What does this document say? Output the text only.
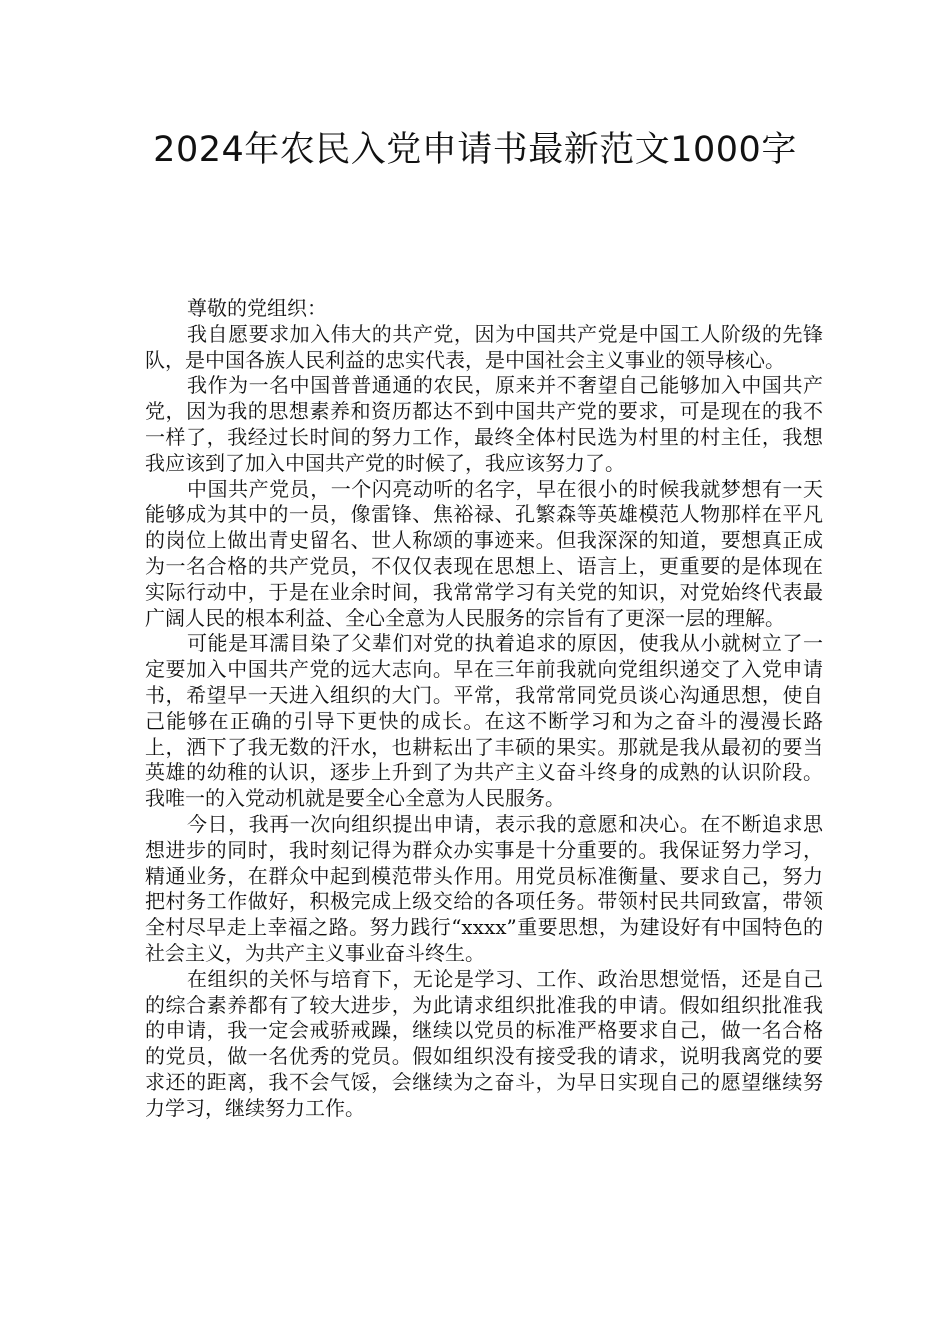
2024年农民入党申请书最新范文1000字

尊敬的党组织：

我自愿要求加入伟大的共产党，因为中国共产党是中国工人阶级的先锋队，是中国各族人民利益的忠实代表，是中国社会主义事业的领导核心。

我作为一名中国普普通通的农民，原来并不奢望自己能够加入中国共产党，因为我的思想素养和资历都达不到中国共产党的要求，可是现在的我不一样了，我经过长时间的努力工作，最终全体村民选为村里的村主任，我想我应该到了加入中国共产党的时候了，我应该努力了。

中国共产党员，一个闪亮动听的名字，早在很小的时候我就梦想有一天能够成为其中的一员，像雷锋、焦裕禄、孔繁森等英雄模范人物那样在平凡的岗位上做出青史留名、世人称颂的事迹来。但我深深的知道，要想真正成为一名合格的共产党员，不仅仅表现在思想上、语言上，更重要的是体现在实际行动中，于是在业余时间，我常常学习有关党的知识，对党始终代表最广阔人民的根本利益、全心全意为人民服务的宗旨有了更深一层的理解。

可能是耳濡目染了父辈们对党的执着追求的原因，使我从小就树立了一定要加入中国共产党的远大志向。早在三年前我就向党组织递交了入党申请书，希望早一天进入组织的大门。平常，我常常同党员谈心沟通思想，使自己能够在正确的引导下更快的成长。在这不断学习和为之奋斗的漫漫长路上，洒下了我无数的汗水，也耕耘出了丰硕的果实。那就是我从最初的要当英雄的幼稚的认识，逐步上升到了为共产主义奋斗终身的成熟的认识阶段。我唯一的入党动机就是要全心全意为人民服务。

今日，我再一次向组织提出申请，表示我的意愿和决心。在不断追求思想进步的同时，我时刻记得为群众办实事是十分重要的。我保证努力学习，精通业务，在群众中起到模范带头作用。用党员标准衡量、要求自己，努力把村务工作做好，积极完成上级交给的各项任务。带领村民共同致富，带领全村尽早走上幸福之路。努力践行“xxxx”重要思想，为建设好有中国特色的社会主义，为共产主义事业奋斗终生。

在组织的关怀与培育下，无论是学习、工作、政治思想觉悟，还是自己的综合素养都有了较大进步，为此请求组织批准我的申请。假如组织批准我的申请，我一定会戒骄戒躁，继续以党员的标准严格要求自己，做一名合格的党员，做一名优秀的党员。假如组织没有接受我的请求，说明我离党的要求还的距离，我不会气馁，会继续为之奋斗，为早日实现自己的愿望继续努力学习，继续努力工作。
